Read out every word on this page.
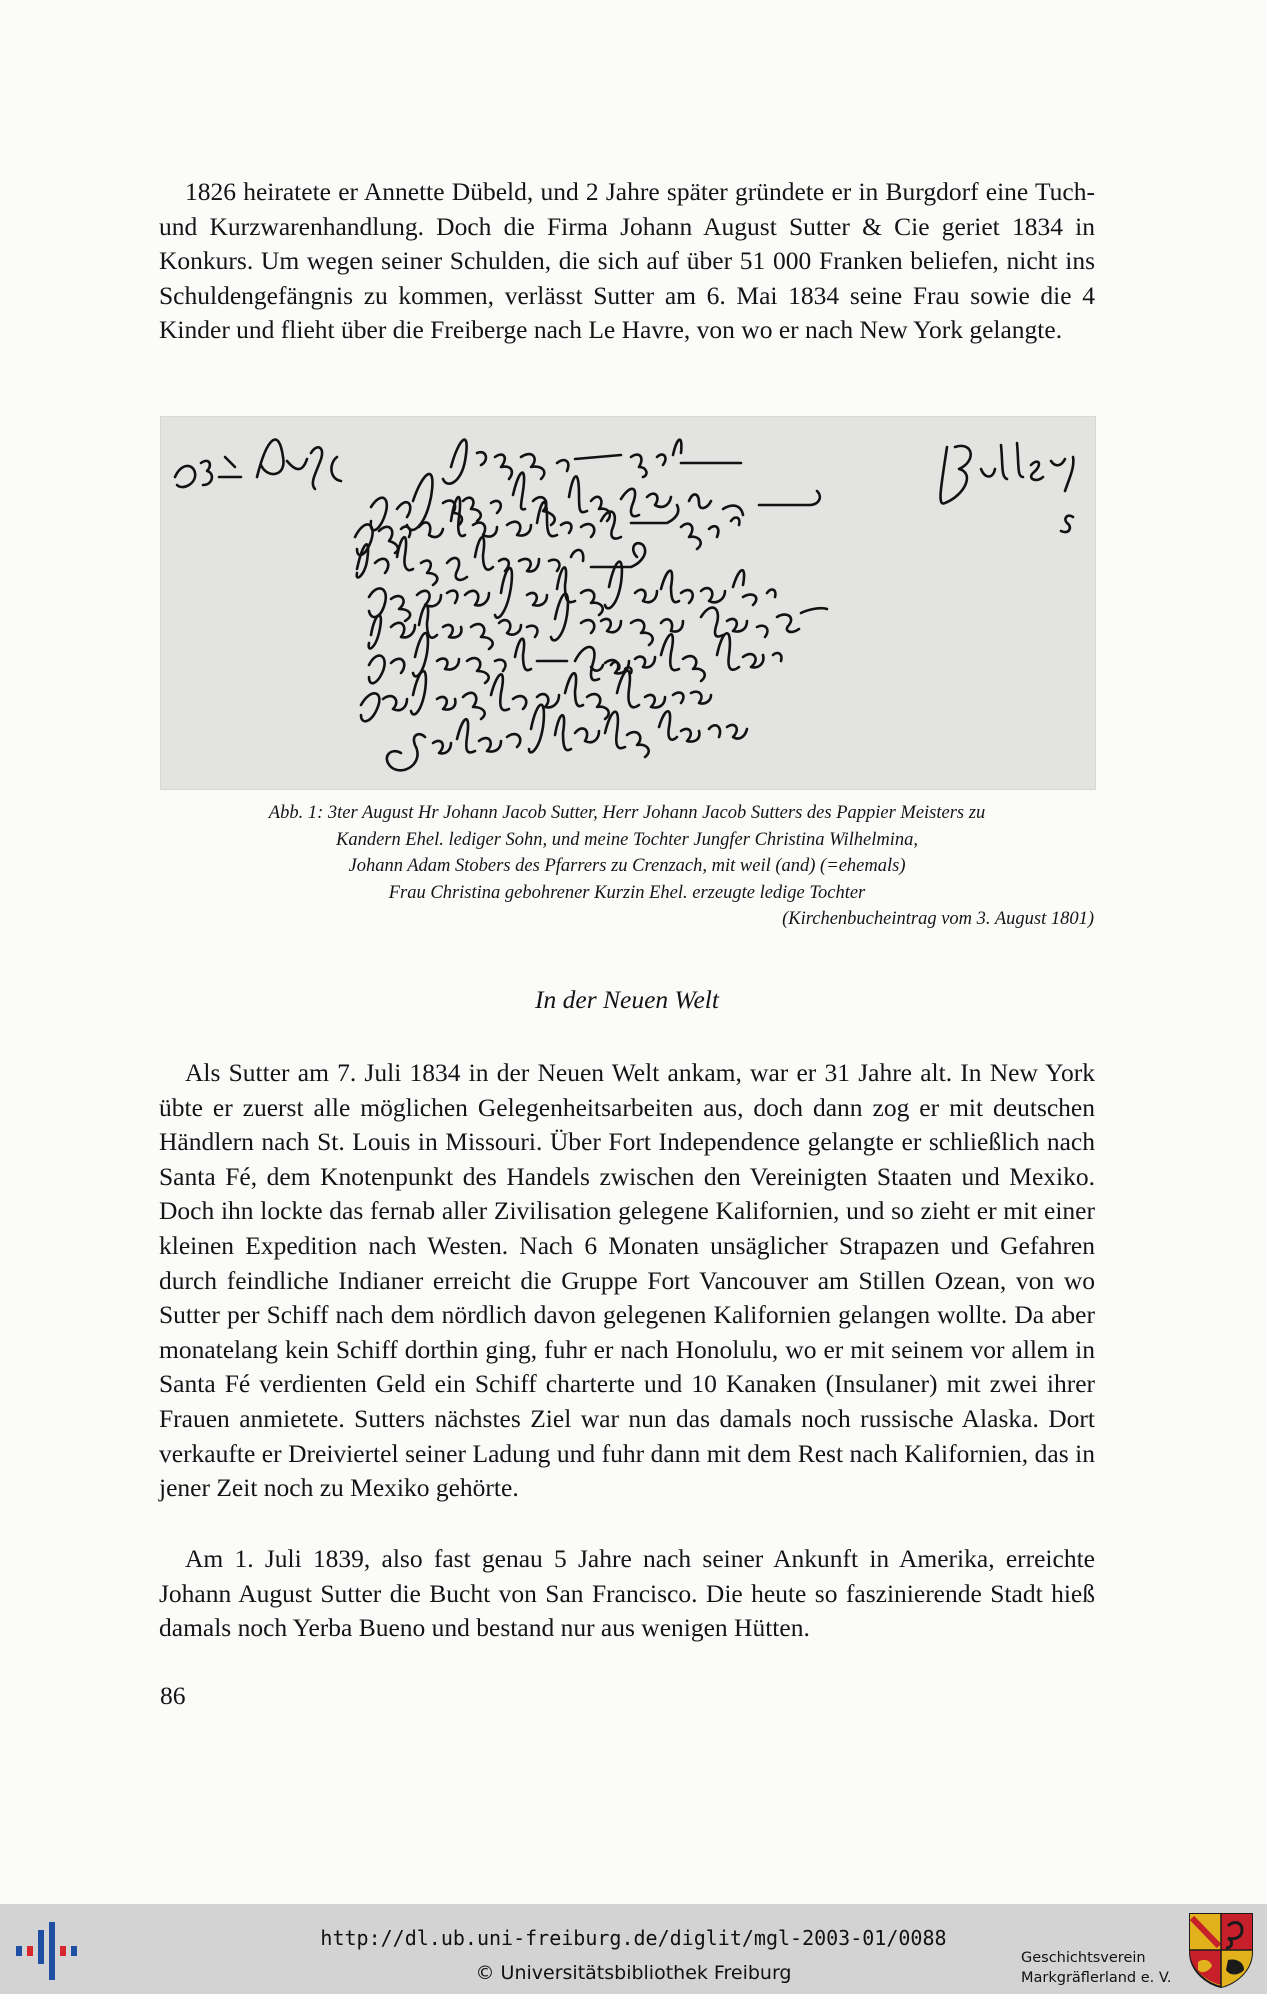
1826 heiratete er Annette Dübeld, und 2 Jahre später gründete er in Burgdorf eine Tuch- und Kurzwarenhandlung. Doch die Firma Johann August Sutter & Cie geriet 1834 in Konkurs. Um wegen seiner Schulden, die sich auf über 51 000 Franken beliefen, nicht ins Schuldengefängnis zu kommen, verlässt Sutter am 6. Mai 1834 seine Frau sowie die 4 Kinder und flieht über die Freiberge nach Le Havre, von wo er nach New York gelangte.

Abb. 1: 3ter August Hr Johann Jacob Sutter, Herr Johann Jacob Sutters des Pappier Meisters zu
Kandern Ehel. lediger Sohn, und meine Tochter Jungfer Christina Wilhelmina,
Johann Adam Stobers des Pfarrers zu Crenzach, mit weil (and) (=ehemals)
Frau Christina gebohrener Kurzin Ehel. erzeugte ledige Tochter
(Kirchenbucheintrag vom 3. August 1801)
In der Neuen Welt

Als Sutter am 7. Juli 1834 in der Neuen Welt ankam, war er 31 Jahre alt. In New York übte er zuerst alle möglichen Gelegenheitsarbeiten aus, doch dann zog er mit deutschen Händlern nach St. Louis in Missouri. Über Fort Independence gelangte er schließlich nach Santa Fé, dem Knotenpunkt des Handels zwischen den Vereinigten Staaten und Mexiko. Doch ihn lockte das fernab aller Zivilisation gelegene Kalifornien, und so zieht er mit einer kleinen Expedition nach Westen. Nach 6 Monaten unsäglicher Strapazen und Gefahren durch feindliche Indianer erreicht die Gruppe Fort Vancouver am Stillen Ozean, von wo Sutter per Schiff nach dem nördlich davon gelegenen Kalifornien gelangen wollte. Da aber monatelang kein Schiff dorthin ging, fuhr er nach Honolulu, wo er mit seinem vor allem in Santa Fé verdienten Geld ein Schiff charterte und 10 Kanaken (Insulaner) mit zwei ihrer Frauen anmietete. Sutters nächstes Ziel war nun das damals noch russische Alaska. Dort verkaufte er Dreiviertel seiner Ladung und fuhr dann mit dem Rest nach Kalifornien, das in jener Zeit noch zu Mexiko gehörte.

Am 1. Juli 1839, also fast genau 5 Jahre nach seiner Ankunft in Amerika, erreichte Johann August Sutter die Bucht von San Francisco. Die heute so faszinierende Stadt hieß damals noch Yerba Bueno und bestand nur aus wenigen Hütten.

86
http://dl.ub.uni-freiburg.de/diglit/mgl-2003-01/0088
© Universitätsbibliothek Freiburg
Geschichtsverein
Markgräflerland e. V.
